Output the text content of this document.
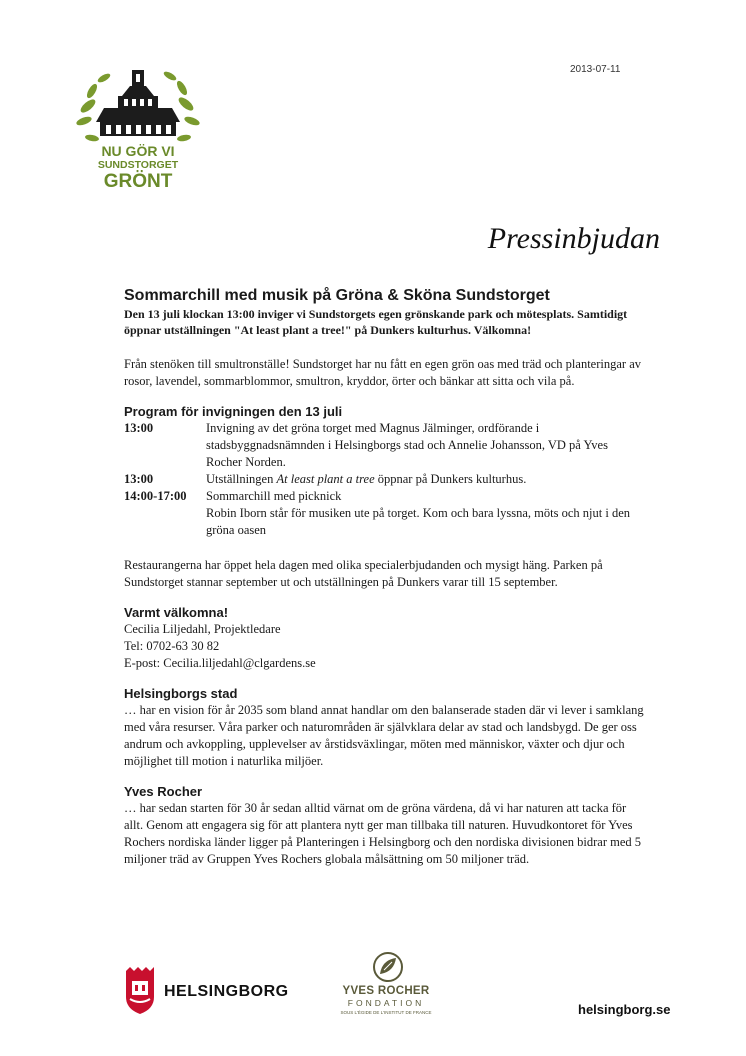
2013-07-11
NU GÖR VI
SUNDSTORGET
GRÖNT
Pressinbjudan
Sommarchill med musik på Gröna & Sköna Sundstorget

Den 13 juli klockan 13:00 inviger vi Sundstorgets egen grönskande park och mötesplats. Samtidigt öppnar utställningen "At least plant a tree!" på Dunkers kulturhus. Välkomna!

Från stenöken till smultronställe! Sundstorget har nu fått en egen grön oas med träd och planteringar av rosor, lavendel, sommarblommor, smultron, kryddor, örter och bänkar att sitta och vila på.

Program för invigningen den 13 juli
13:00	Invigning av det gröna torget med Magnus Jälminger, ordförande i stadsbyggnadsnämnden i Helsingborgs stad och Annelie Johansson, VD på Yves Rocher Norden.
13:00	Utställningen At least plant a tree öppnar på Dunkers kulturhus.
14:00-17:00	Sommarchill med picknick
Robin Iborn står för musiken ute på torget. Kom och bara lyssna, möts och njut i den gröna oasen

Restaurangerna har öppet hela dagen med olika specialerbjudanden och mysigt häng. Parken på Sundstorget stannar september ut och utställningen på Dunkers varar till 15 september.

Varmt välkomna!

Cecilia Liljedahl, Projektledare

Tel: 0702-63 30 82

E-post: Cecilia.liljedahl@clgardens.se

Helsingborgs stad

… har en vision för år 2035 som bland annat handlar om den balanserade staden där vi lever i samklang med våra resurser. Våra parker och naturområden är självklara delar av stad och landsbygd. De ger oss andrum och avkoppling, upplevelser av årstidsväxlingar, möten med människor, växter och djur och möjlighet till motion i naturlika miljöer.

Yves Rocher

… har sedan starten för 30 år sedan alltid värnat om de gröna värdena, då vi har naturen att tacka för allt. Genom att engagera sig för att plantera nytt ger man tillbaka till naturen. Huvudkontoret för Yves Rochers nordiska länder ligger på Planteringen i Helsingborg och den nordiska divisionen bidrar med 5 miljoner träd av Gruppen Yves Rochers globala målsättning om 50 miljoner träd.

HELSINGBORG	YVES ROCHER
FONDATION
SOUS L'ÉGIDE DE L'INSTITUT DE FRANCE	helsingborg.se
